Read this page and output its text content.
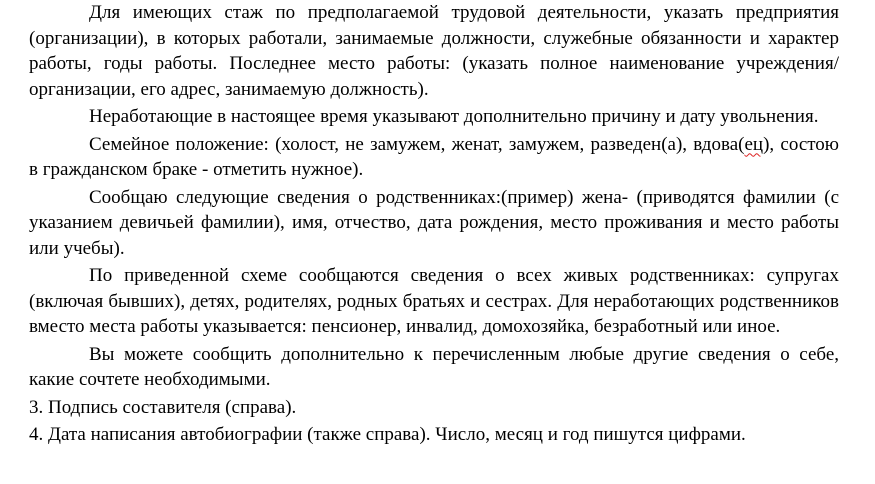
Для имеющих стаж по предполагаемой трудовой деятельности, указать предприятия (организации), в которых работали, занимаемые должности, служебные обязанности и характер работы, годы работы. Последнее место работы: (указать полное наименование учреждения/организации, его адрес, занимаемую должность).

Неработающие в настоящее время указывают дополнительно причину и дату увольнения.

Семейное положение: (холост, не замужем, женат, замужем, разведен(а), вдова(ец), состою в гражданском браке - отметить нужное).

Сообщаю следующие сведения о родственниках:(пример) жена- (приводятся фамилии (с указанием девичьей фамилии), имя, отчество, дата рождения, место проживания и место работы или учебы).

По приведенной схеме сообщаются сведения о всех живых родственниках: супругах (включая бывших), детях, родителях, родных братьях и сестрах. Для неработающих родственников вместо места работы указывается: пенсионер, инвалид, домохозяйка, безработный или иное.

Вы можете сообщить дополнительно к перечисленным любые другие сведения о себе, какие сочтете необходимыми.

3. Подпись составителя (справа).

4. Дата написания автобиографии (также справа). Число, месяц и год пишутся цифрами.
